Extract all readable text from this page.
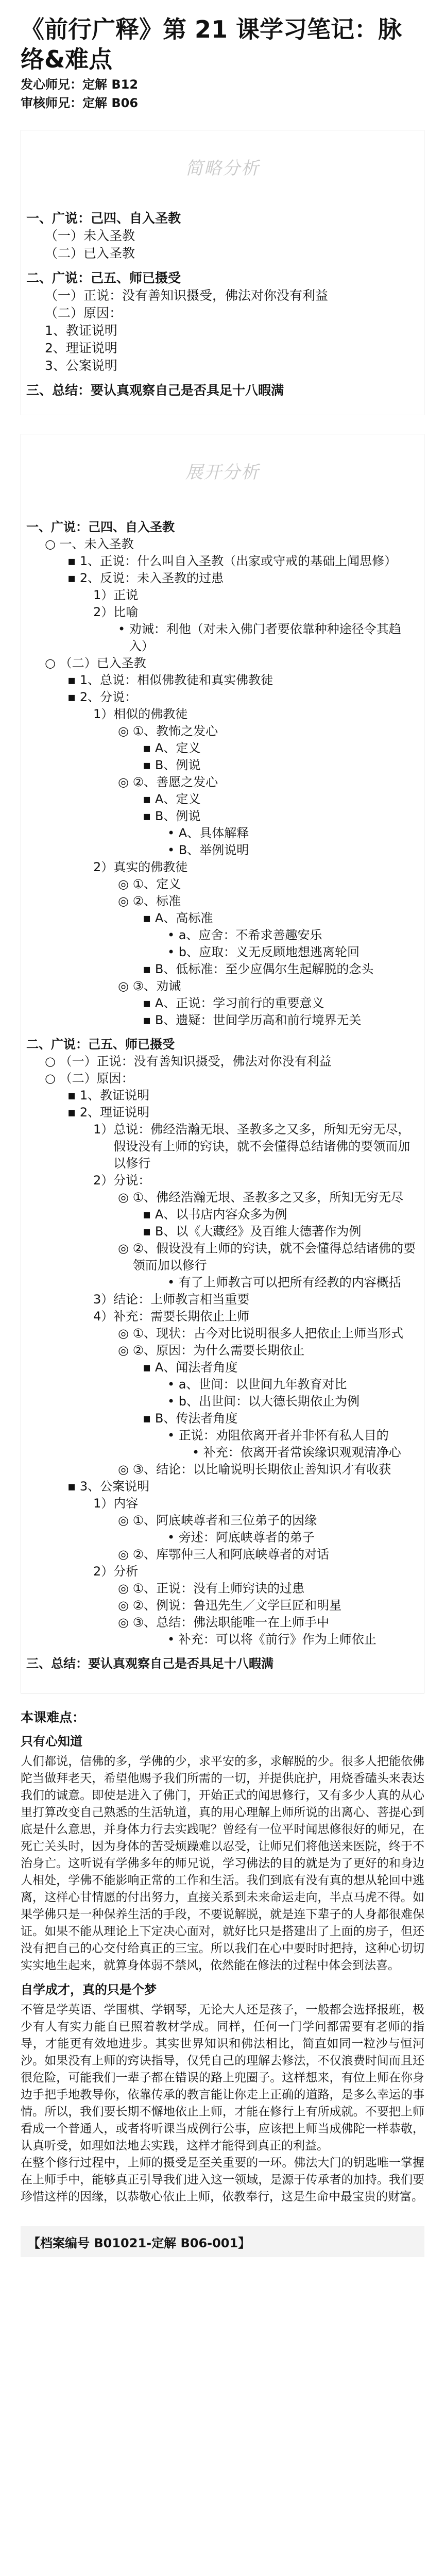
《前行广释》第 21 课学习笔记：脉络&难点
发心师兄：定解 B12
审核师兄：定解 B06
简略分析
一、 广说：己四、自入圣教
（一） 未入圣教
（二） 已入圣教
二、 广说：己五、师已摄受
（一） 正说：没有善知识摄受，佛法对你没有利益
（二） 原因：
1、 教证说明
2、 理证说明
3、 公案说明
三、 总结：要认真观察自己是否具足十八暇满
展开分析
一、 广说：己四、自入圣教
○ 一、未入圣教
▪ 1、正说：什么叫自入圣教（出家或守戒的基础上闻思修）
▪ 2、反说：未入圣教的过患
1） 正说
2） 比喻
• 劝诫：利他（对未入佛门者要依靠种种途径令其趋入）
○ （二）已入圣教
▪ 1、总说：相似佛教徒和真实佛教徒
▪ 2、分说：
1） 相似的佛教徒
◎ ①、教怖之发心
▪ A、定义
▪ B、例说
◎ ②、善愿之发心
▪ A、定义
▪ B、例说
• A、具体解释
• B、举例说明
2） 真实的佛教徒
◎ ①、定义
◎ ②、标准
▪ A、高标准
• a、应舍：不希求善趣安乐
• b、应取：义无反顾地想逃离轮回
▪ B、低标准：至少应偶尔生起解脱的念头
◎ ③、劝诫
▪ A、正说：学习前行的重要意义
▪ B、遗疑：世间学历高和前行境界无关
二、 广说：己五、师已摄受
○ （一）正说：没有善知识摄受，佛法对你没有利益
○ （二）原因：
▪ 1、教证说明
▪ 2、理证说明
1） 总说：佛经浩瀚无垠、圣教多之又多，所知无穷无尽，假设没有上师的窍诀，就不会懂得总结诸佛的要领而加以修行
2） 分说：
◎ ①、佛经浩瀚无垠、圣教多之又多，所知无穷无尽
▪ A、以书店内容众多为例
▪ B、以《大藏经》及百维大德著作为例
◎ ②、假设没有上师的窍诀，就不会懂得总结诸佛的要领而加以修行
• 有了上师教言可以把所有经教的内容概括
3） 结论：上师教言相当重要
4） 补充：需要长期依止上师
◎ ①、现状：古今对比说明很多人把依止上师当形式
◎ ②、原因：为什么需要长期依止
▪ A、闻法者角度
• a、世间：以世间九年教育对比
• b、出世间：以大德长期依止为例
▪ B、传法者角度
• 正说：劝阻依离开者并非怀有私人目的
• 补充：依离开者常诶缘识观观清净心
◎ ③、结论：以比喻说明长期依止善知识才有收获
▪ 3、公案说明
1） 内容
◎ ①、阿底峡尊者和三位弟子的因缘
• 旁述：阿底峡尊者的弟子
◎ ②、库鄂仲三人和阿底峡尊者的对话
2） 分析
◎ ①、正说：没有上师窍诀的过患
◎ ②、例说：鲁迅先生／文学巨匠和明星
◎ ③、总结：佛法职能唯一在上师手中
• 补充：可以将《前行》作为上师依止
三、 总结：要认真观察自己是否具足十八暇满
本课难点：
只有心知道

人们都说，信佛的多，学佛的少，求平安的多，求解脱的少。很多人把能依佛陀当做拜老天，希望他赐予我们所需的一切，并提供庇护，用烧香磕头来表达我们的诚意。即使是进入了佛门，开始正式的闻思修行，又有多少人真的从心里打算改变自己熟悉的生活轨道，真的用心理解上师所说的出离心、菩提心到底是什么意思，并身体力行去实践呢？曾经有一位平时闻思修很好的师兄，在死亡关头时，因为身体的苦受烦躁难以忍受，让师兄们将他送来医院，终于不治身亡。这听说有学佛多年的师兄说，学习佛法的目的就是为了更好的和身边人相处，学佛不能影响正常的工作和生活。我们到底有没有真的想从轮回中逃离，这样心甘情愿的付出努力，直接关系到未来命运走向，半点马虎不得。如果学佛只是一种保养生活的手段，不要说解脱，就是连下辈子的人身都很难保证。如果不能从理论上下定决心面对，就好比只是搭建出了上面的房子，但还没有把自己的心交付给真正的三宝。所以我们在心中要时时把持，这种心切切实实地生起来，就算身体弱不禁风，依然能在修法的过程中体会到法喜。

自学成才，真的只是个梦

不管是学英语、学围棋、学钢琴，无论大人还是孩子，一般都会选择报班，极少有人有实力能自已照着教材学成。同样，任何一门学问都需要有老师的指导，才能更有效地进步。其实世界知识和佛法相比，简直如同一粒沙与恒河沙。如果没有上师的窍诀指导，仅凭自己的理解去修法，不仅浪费时间而且还很危险，可能我们一辈子都在错误的路上兜圈子。这样想来，有位上师在你身边手把手地教导你，依靠传承的教言能让你走上正确的道路，是多么幸运的事情。所以，我们要长期不懈地依止上师，才能在修行上有所成就。不要把上师看成一个普通人，或者将听课当成例行公事，应该把上师当成佛陀一样恭敬，认真听受，如理如法地去实践，这样才能得到真正的利益。

在整个修行过程中，上师的摄受是至关重要的一环。佛法大门的钥匙唯一掌握在上师手中，能够真正引导我们进入这一领域，是源于传承者的加持。我们要珍惜这样的因缘，以恭敬心依止上师，依教奉行，这是生命中最宝贵的财富。

【档案编号 B01021-定解 B06-001】
